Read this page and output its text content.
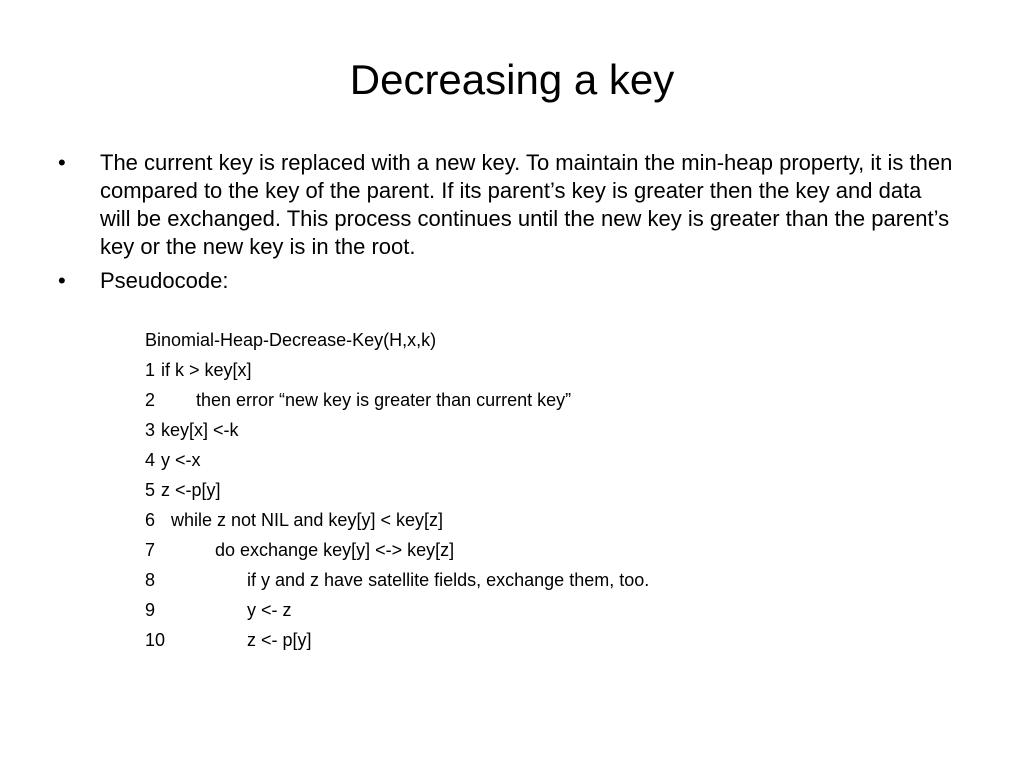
Decreasing a key
•	The current key is replaced with a new key. To maintain the min-heap property, it is then compared to the key of the parent. If its parent’s key is greater then the key and data will be exchanged. This process continues until the new key is greater than the parent’s key or the new key is in the root.
•	Pseudocode:
Binomial-Heap-Decrease-Key(H,x,k)
1 if k > key[x]
2 then error “new key is greater than current key”
3 key[x] <-k
4 y <-x
5 z <-p[y]
6 while z not NIL and key[y] < key[z]
7	do exchange key[y] <-> key[z]
8	if y and z have satellite fields, exchange them, too.
9	y <- z
10	z <- p[y]
